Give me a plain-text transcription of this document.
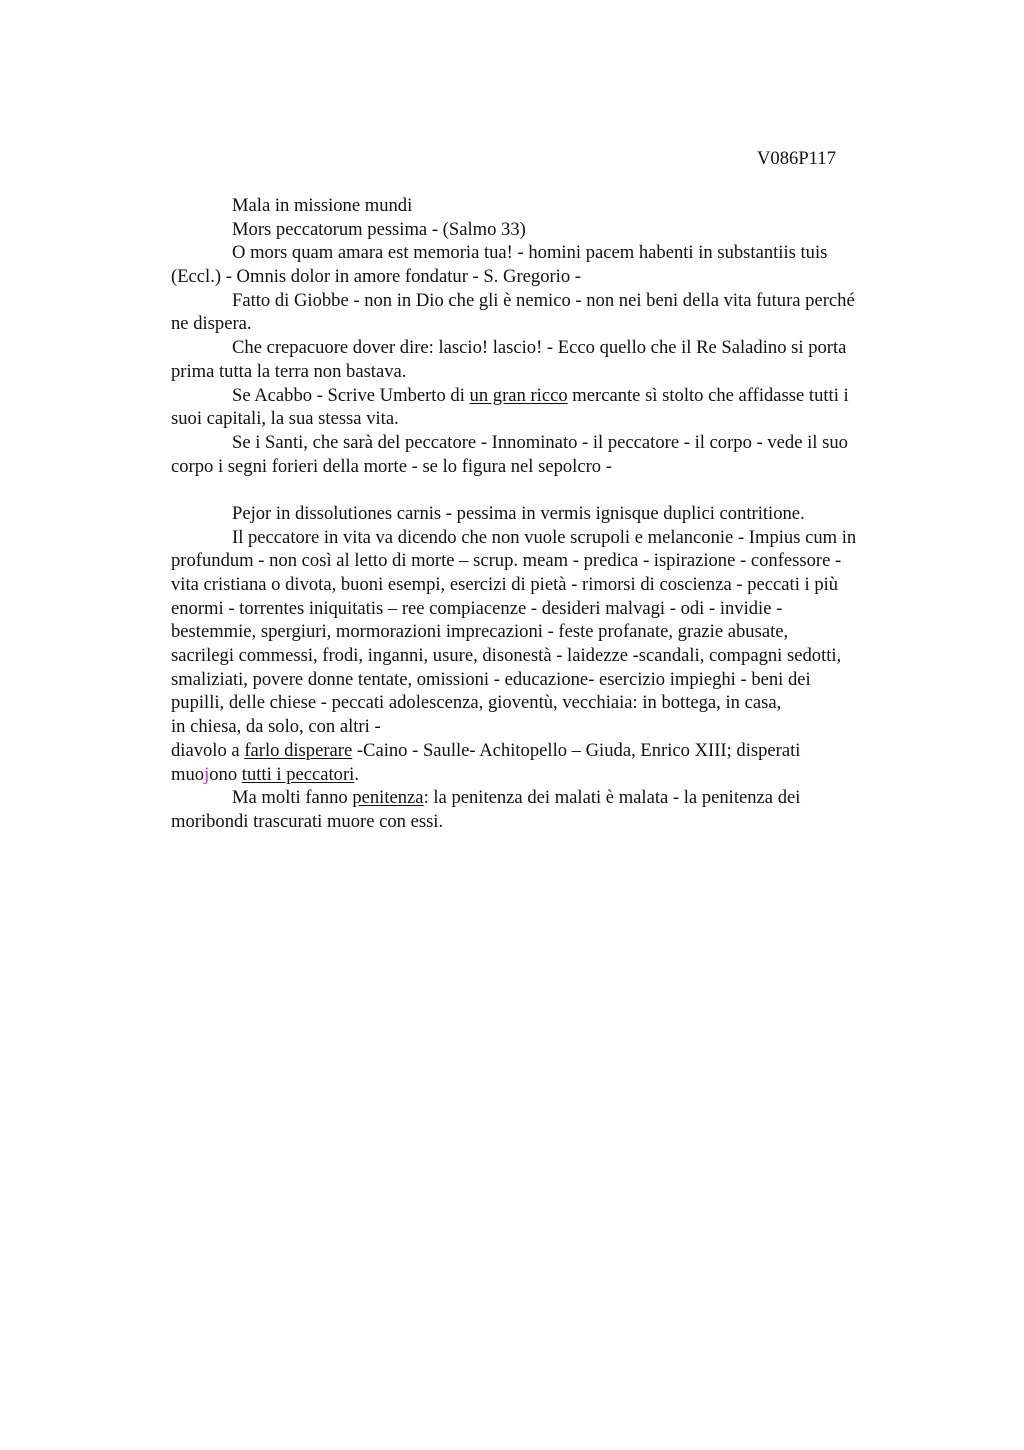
V086P117
Mala in missione mundi
Mors peccatorum pessima - (Salmo 33)
O mors quam amara est memoria tua! - homini pacem habenti in substantiis tuis
(Eccl.) - Omnis dolor in amore fondatur - S. Gregorio -
Fatto di Giobbe - non in Dio che gli è nemico - non nei beni della vita futura perché
ne dispera.
Che crepacuore dover dire: lascio! lascio! - Ecco quello che il Re Saladino si porta
prima tutta la terra non bastava.
Se Acabbo - Scrive Umberto di un gran ricco mercante sì stolto che affidasse tutti i
suoi capitali, la sua stessa vita.
Se i Santi, che sarà del peccatore - Innominato - il peccatore - il corpo - vede il suo
corpo i segni forieri della morte - se lo figura nel sepolcro -
Pejor in dissolutiones carnis - pessima in vermis ignisque duplici contritione.
Il peccatore in vita va dicendo che non vuole scrupoli e melanconie - Impius cum in
profundum - non così al letto di morte – scrup. meam - predica - ispirazione - confessore -
vita cristiana o divota, buoni esempi, esercizi di pietà - rimorsi di coscienza - peccati i più
enormi - torrentes iniquitatis – ree compiacenze - desideri malvagi - odi - invidie -
bestemmie, spergiuri, mormorazioni imprecazioni - feste profanate, grazie abusate,
sacrilegi commessi, frodi, inganni, usure, disonestà - laidezze -scandali, compagni sedotti,
smaliziati, povere donne tentate, omissioni - educazione- esercizio impieghi - beni dei
pupilli, delle chiese - peccati adolescenza, gioventù, vecchiaia: in bottega, in casa,
in chiesa, da solo, con altri -
diavolo a farlo disperare -Caino - Saulle- Achitopello – Giuda, Enrico XIII; disperati
muojono tutti i peccatori.
Ma molti fanno penitenza: la penitenza dei malati è malata - la penitenza dei
moribondi trascurati muore con essi.
